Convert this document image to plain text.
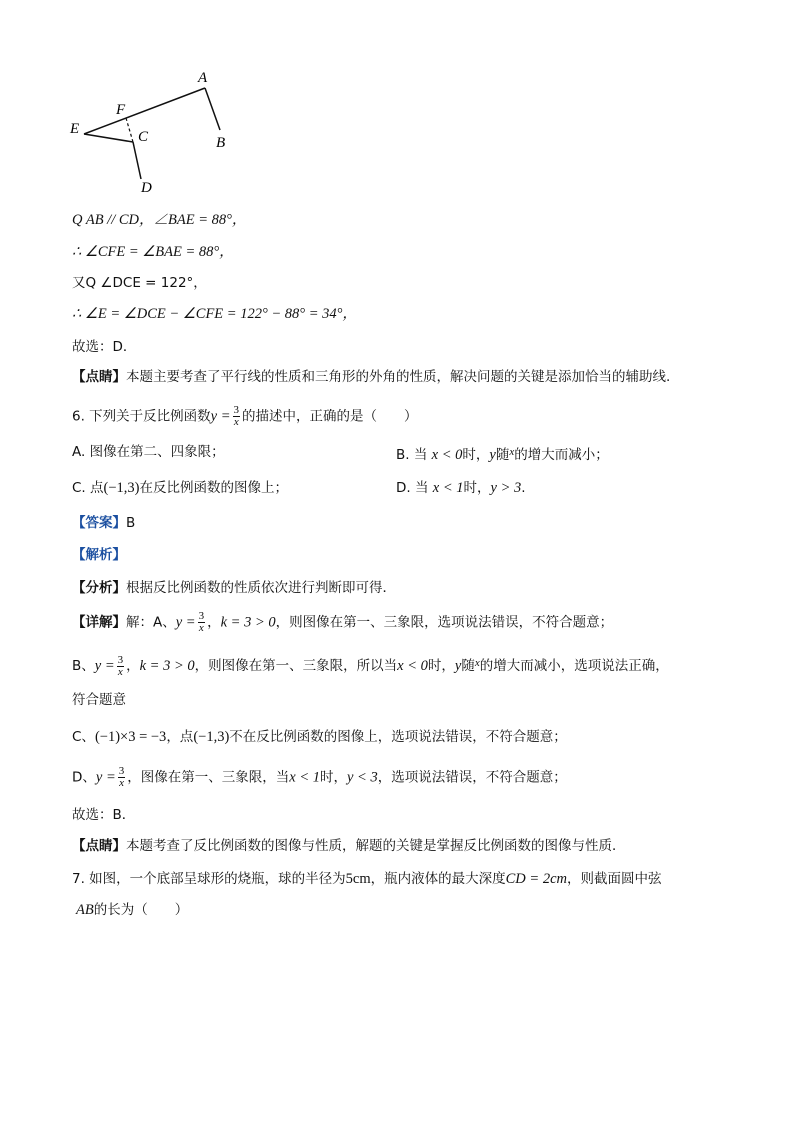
A
B
C
D
E
F
Q AB // CD，∠BAE = 88°，
∴ ∠CFE = ∠BAE = 88°，
又Q ∠DCE = 122°，
∴ ∠E = ∠DCE − ∠CFE = 122° − 88° = 34°，
故选：D．
【点睛】本题主要考查了平行线的性质和三角形的外角的性质，解决问题的关键是添加恰当的辅助线.
6. 下列关于反比例函数$y = \frac{3}{x}$ 的描述中，正确的是（　　）
A. 图像在第二、四象限；	B. 当 x < 0时，y随$^x$的增大而减小；
C. 点(−1,3)在反比例函数的图像上；	D. 当 x < 1时，y > 3.
【答案】B
【解析】
【分析】根据反比例函数的性质依次进行判断即可得．
【详解】解：A、$y = \frac{3}{x}$ ，k = 3 > 0，则图像在第一、三象限，选项说法错误，不符合题意；
B、$y = \frac{3}{x}$ ，k = 3 > 0，则图像在第一、三象限，所以当x < 0时，y随$^x$的增大而减小，选项说法正确，
符合题意
C、(−1)×3 = −3，点(−1,3)不在反比例函数的图像上，选项说法错误，不符合题意；
D、$y = \frac{3}{x}$ ，图像在第一、三象限，当x < 1时，y < 3，选项说法错误，不符合题意；
故选：B．
【点睛】本题考查了反比例函数的图像与性质，解题的关键是掌握反比例函数的图像与性质．
7. 如图，一个底部呈球形的烧瓶，球的半径为5cm，瓶内液体的最大深度CD = 2cm，则截面圆中弦
AB的长为（　　）
